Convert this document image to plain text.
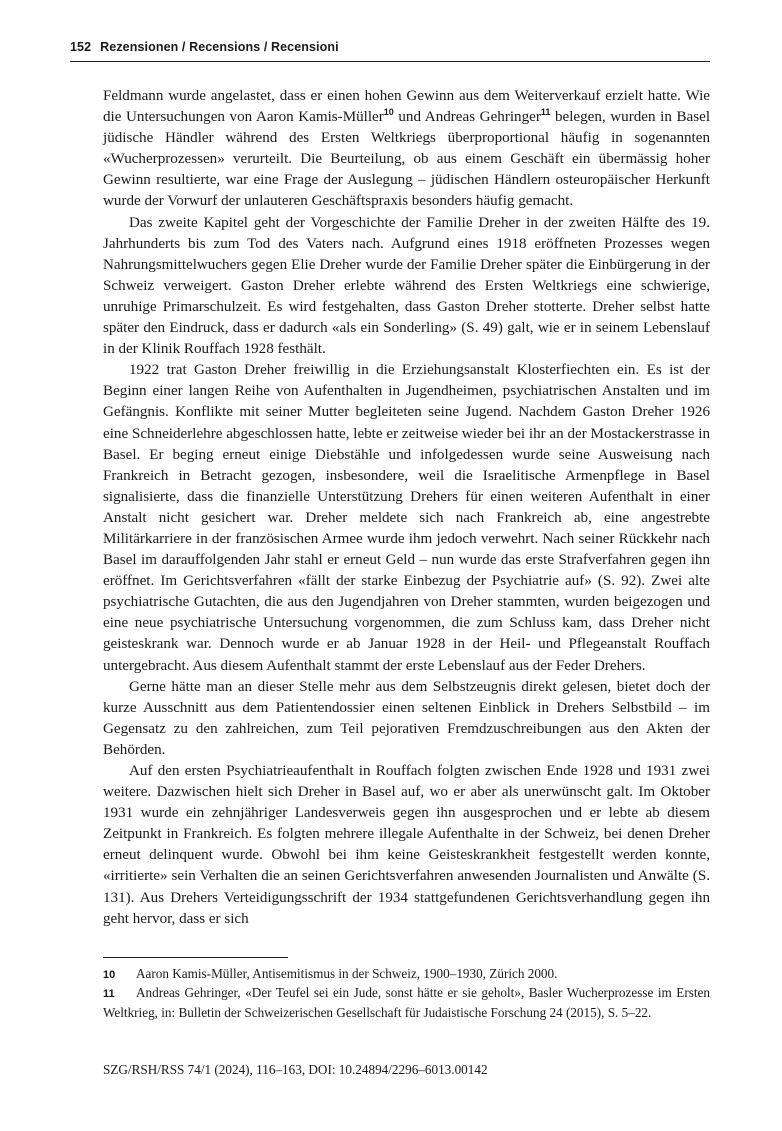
152 Rezensionen / Recensions / Recensioni

Feldmann wurde angelastet, dass er einen hohen Gewinn aus dem Weiterverkauf erzielt hatte. Wie die Untersuchungen von Aaron Kamis-Müller$^{10}$ und Andreas Gehringer$^{11}$ belegen, wurden in Basel jüdische Händler während des Ersten Weltkriegs überproportional häufig in sogenannten «Wucherprozessen» verurteilt. Die Beurteilung, ob aus einem Geschäft ein übermässig hoher Gewinn resultierte, war eine Frage der Auslegung – jüdischen Händlern osteuropäischer Herkunft wurde der Vorwurf der unlauteren Geschäftspraxis besonders häufig gemacht.

Das zweite Kapitel geht der Vorgeschichte der Familie Dreher in der zweiten Hälfte des 19. Jahrhunderts bis zum Tod des Vaters nach. Aufgrund eines 1918 eröffneten Prozesses wegen Nahrungsmittelwuchers gegen Elie Dreher wurde der Familie Dreher später die Einbürgerung in der Schweiz verweigert. Gaston Dreher erlebte während des Ersten Weltkriegs eine schwierige, unruhige Primarschulzeit. Es wird festgehalten, dass Gaston Dreher stotterte. Dreher selbst hatte später den Eindruck, dass er dadurch «als ein Sonderling» (S. 49) galt, wie er in seinem Lebenslauf in der Klinik Rouffach 1928 festhält.

1922 trat Gaston Dreher freiwillig in die Erziehungsanstalt Klosterfiechten ein. Es ist der Beginn einer langen Reihe von Aufenthalten in Jugendheimen, psychiatrischen Anstalten und im Gefängnis. Konflikte mit seiner Mutter begleiteten seine Jugend. Nachdem Gaston Dreher 1926 eine Schneiderlehre abgeschlossen hatte, lebte er zeitweise wieder bei ihr an der Mostackerstrasse in Basel. Er beging erneut einige Diebstähle und infolgedessen wurde seine Ausweisung nach Frankreich in Betracht gezogen, insbesondere, weil die Israelitische Armenpflege in Basel signalisierte, dass die finanzielle Unterstützung Drehers für einen weiteren Aufenthalt in einer Anstalt nicht gesichert war. Dreher meldete sich nach Frankreich ab, eine angestrebte Militärkarriere in der französischen Armee wurde ihm jedoch verwehrt. Nach seiner Rückkehr nach Basel im darauffolgenden Jahr stahl er erneut Geld – nun wurde das erste Strafverfahren gegen ihn eröffnet. Im Gerichtsverfahren «fällt der starke Einbezug der Psychiatrie auf» (S. 92). Zwei alte psychiatrische Gutachten, die aus den Jugendjahren von Dreher stammten, wurden beigezogen und eine neue psychiatrische Untersuchung vorgenommen, die zum Schluss kam, dass Dreher nicht geisteskrank war. Dennoch wurde er ab Januar 1928 in der Heil- und Pflegeanstalt Rouffach untergebracht. Aus diesem Aufenthalt stammt der erste Lebenslauf aus der Feder Drehers.

Gerne hätte man an dieser Stelle mehr aus dem Selbstzeugnis direkt gelesen, bietet doch der kurze Ausschnitt aus dem Patientendossier einen seltenen Einblick in Drehers Selbstbild – im Gegensatz zu den zahlreichen, zum Teil pejorativen Fremdzuschreibungen aus den Akten der Behörden.

Auf den ersten Psychiatrieaufenthalt in Rouffach folgten zwischen Ende 1928 und 1931 zwei weitere. Dazwischen hielt sich Dreher in Basel auf, wo er aber als unerwünscht galt. Im Oktober 1931 wurde ein zehnjähriger Landesverweis gegen ihn ausgesprochen und er lebte ab diesem Zeitpunkt in Frankreich. Es folgten mehrere illegale Aufenthalte in der Schweiz, bei denen Dreher erneut delinquent wurde. Obwohl bei ihm keine Geisteskrankheit festgestellt werden konnte, «irritierte» sein Verhalten die an seinen Gerichtsverfahren anwesenden Journalisten und Anwälte (S. 131). Aus Drehers Verteidigungsschrift der 1934 stattgefundenen Gerichtsverhandlung gegen ihn geht hervor, dass er sich

10 Aaron Kamis-Müller, Antisemitismus in der Schweiz, 1900–1930, Zürich 2000.

11 Andreas Gehringer, «Der Teufel sei ein Jude, sonst hätte er sie geholt», Basler Wucherprozesse im Ersten Weltkrieg, in: Bulletin der Schweizerischen Gesellschaft für Judaistische Forschung 24 (2015), S. 5–22.

SZG/RSH/RSS 74/1 (2024), 116–163, DOI: 10.24894/2296–6013.00142
